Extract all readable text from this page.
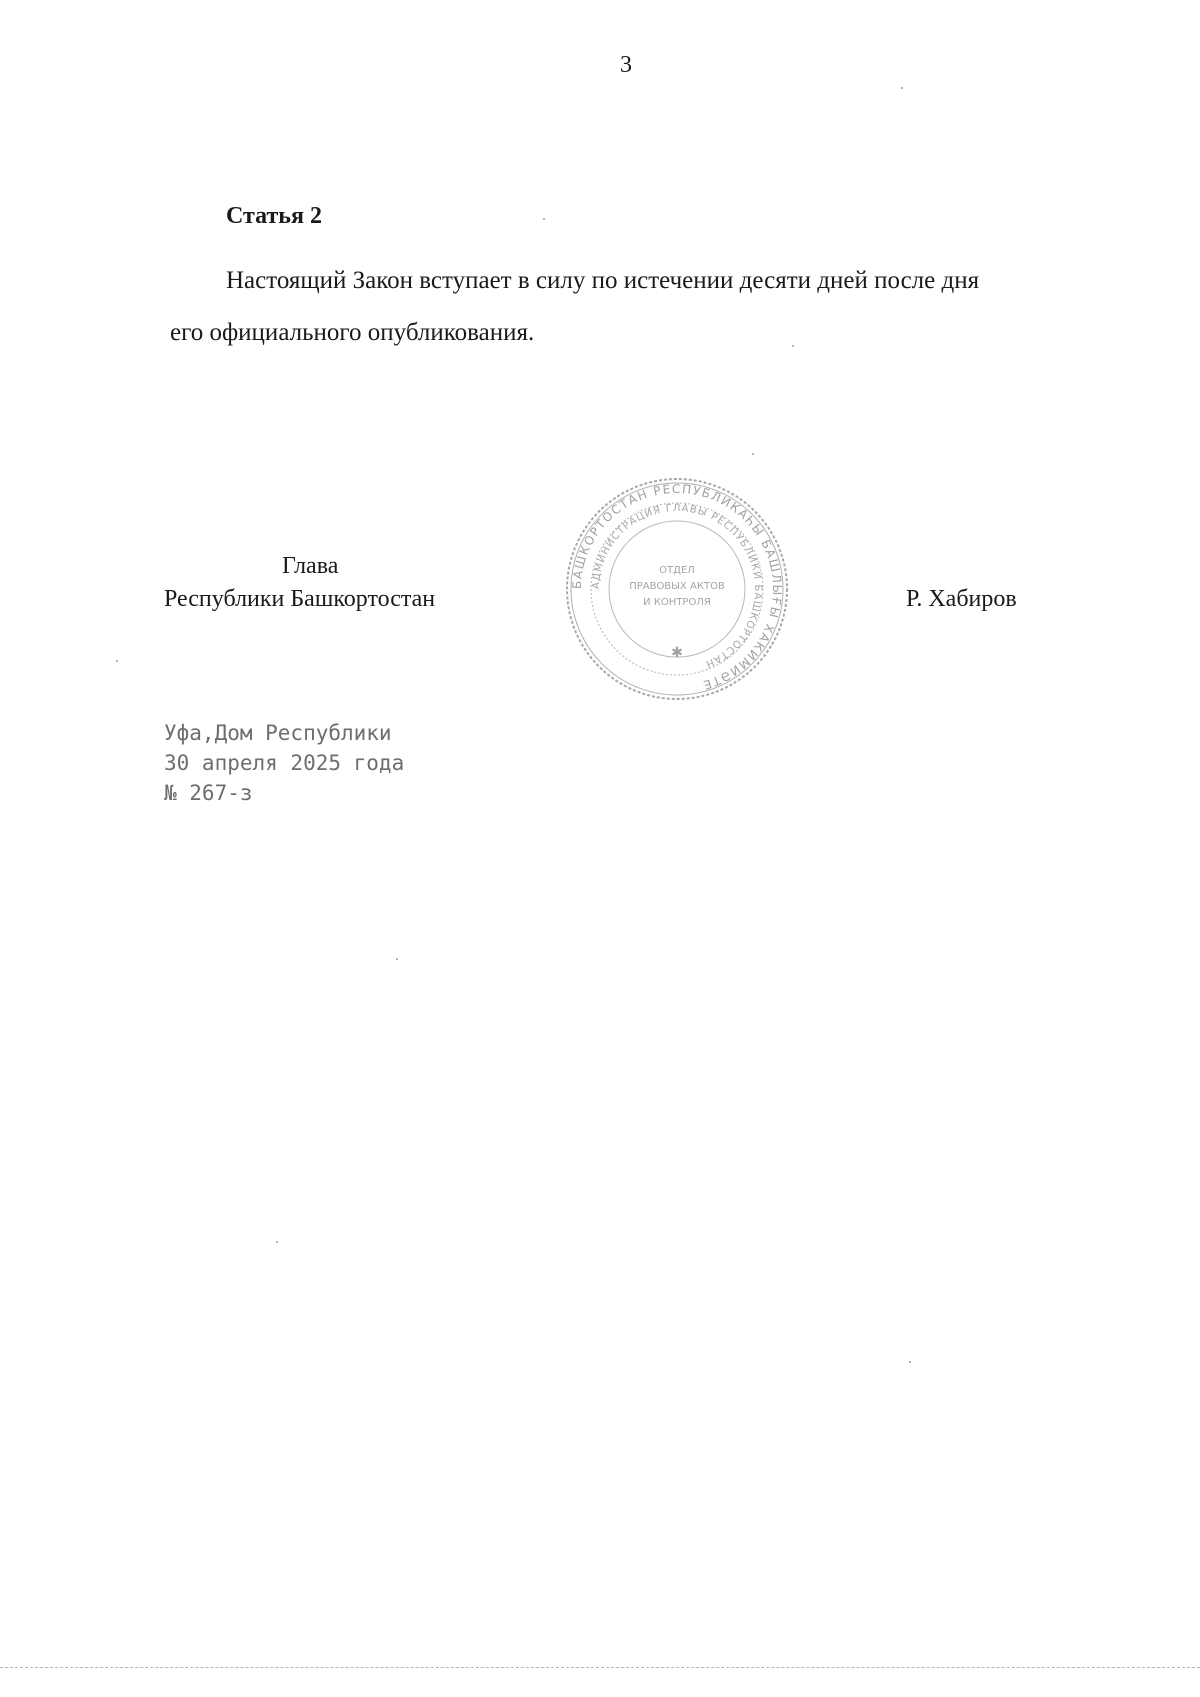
3
Статья 2
Настоящий Закон вступает в силу по истечении десяти дней после дня
его официального опубликования.
Глава
Республики Башкортостан
БАШКОРТОСТАН РЕСПУБЛИКАҺЫ БАШЛЫҒЫ ХАКИМИӘТЕ
АДМИНИСТРАЦИЯ ГЛАВЫ РЕСПУБЛИКИ БАШКОРТОСТАН
ОТДЕЛ
ПРАВОВЫХ АКТОВ
И КОНТРОЛЯ
✱
Р. Хабиров
Уфа,Дом Республики
30 апреля 2025 года
№ 267-з
